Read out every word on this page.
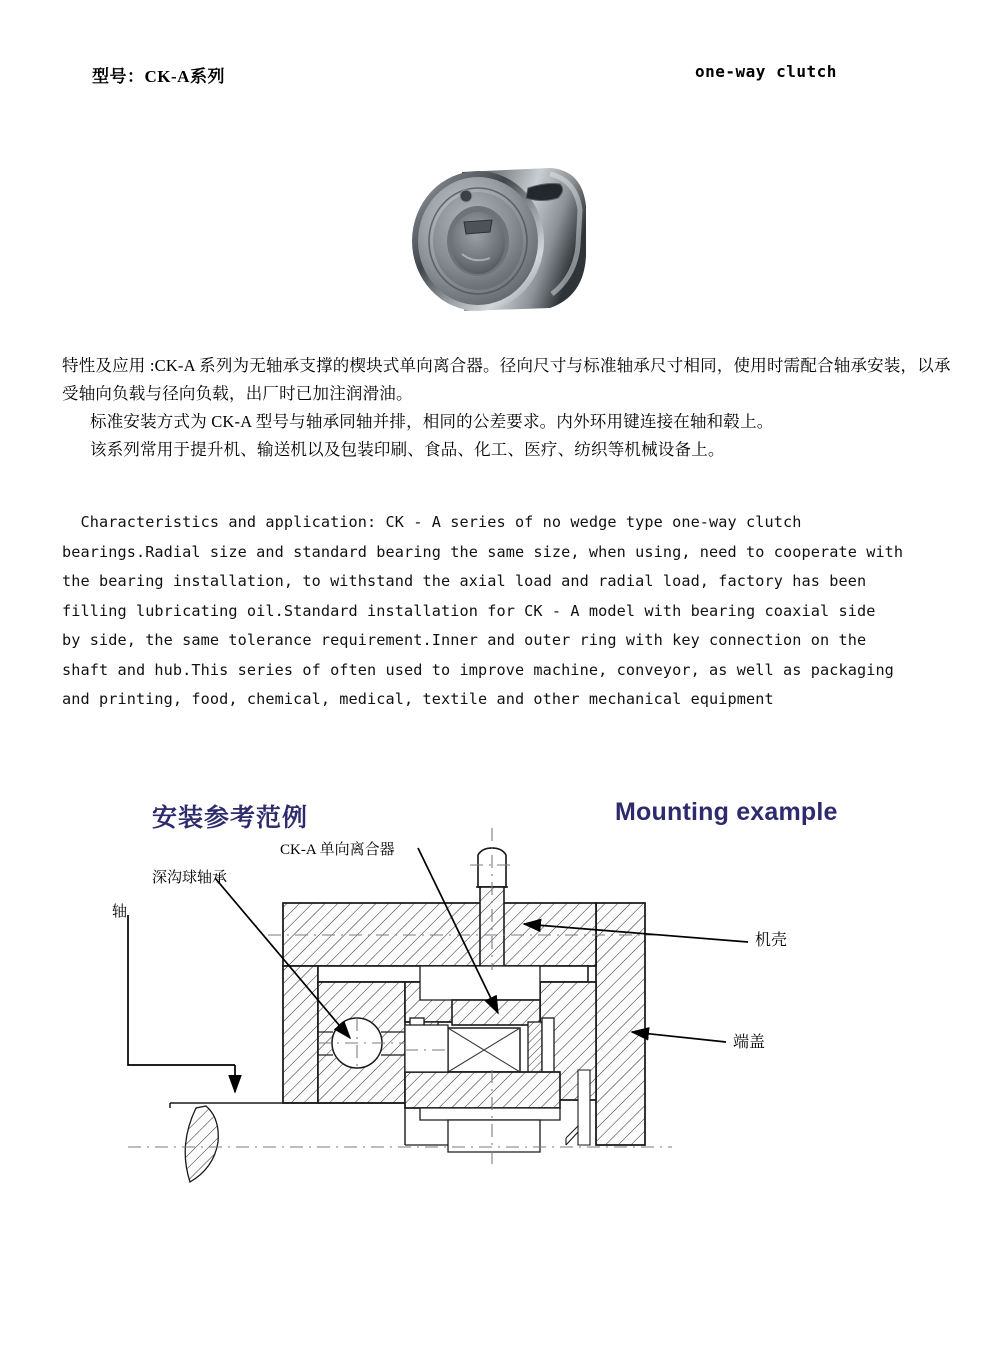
型号：CK-A系列	one-way clutch

特性及应用 :CK-A 系列为无轴承支撑的楔块式单向离合器。径向尺寸与标准轴承尺寸相同，使用时需配合轴承安装，以承受轴向负载与径向负载，出厂时已加注润滑油。

标准安装方式为 CK-A 型号与轴承同轴并排，相同的公差要求。内外环用键连接在轴和毂上。

该系列常用于提升机、输送机以及包装印刷、食品、化工、医疗、纺织等机械设备上。

Characteristics and application: CK - A series of no wedge type one-way clutch

bearings.Radial size and standard bearing the same size, when using, need to cooperate with

the bearing installation, to withstand the axial load and radial load, factory has been

filling lubricating oil.Standard installation for CK - A model with bearing coaxial side

by side, the same tolerance requirement.Inner and outer ring with key connection on the

shaft and hub.This series of often used to improve machine, conveyor, as well as packaging

and printing, food, chemical, medical, textile and other mechanical equipment

安装参考范例	Mounting example
CK-A 单向离合器
深沟球轴承
轴
机壳
端盖
